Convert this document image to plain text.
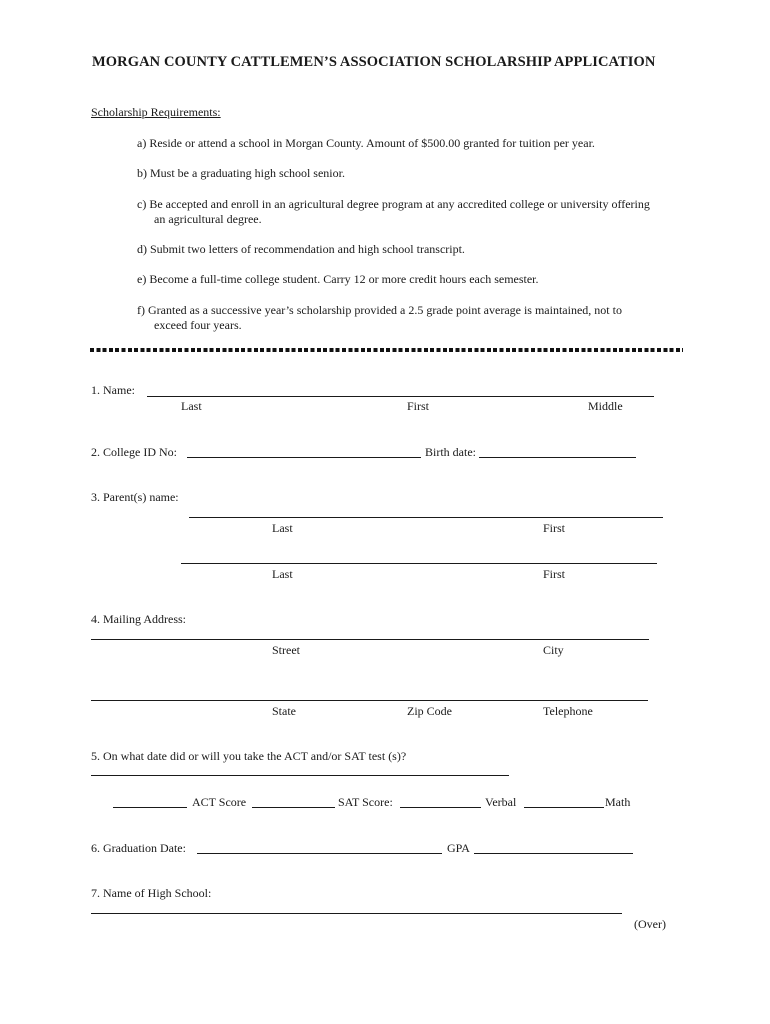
MORGAN COUNTY CATTLEMEN’S ASSOCIATION SCHOLARSHIP APPLICATION
Scholarship Requirements:
a) Reside or attend a school in Morgan County. Amount of $500.00 granted for tuition per year.
b) Must be a graduating high school senior.
c) Be accepted and enroll in an agricultural degree program at any accredited college or university offering
an agricultural degree.
d) Submit two letters of recommendation and high school transcript.
e) Become a full-time college student. Carry 12 or more credit hours each semester.
f) Granted as a successive year’s scholarship provided a 2.5 grade point average is maintained, not to
exceed four years.
1. Name:
Last	First	Middle
2. College ID No:	Birth date:
3. Parent(s) name:
Last	First
Last	First
4. Mailing Address:
Street	City
State	Zip Code	Telephone
5. On what date did or will you take the ACT and/or SAT test (s)?
ACT Score	SAT Score:	Verbal	Math
6. Graduation Date:	GPA
7. Name of High School:
(Over)
